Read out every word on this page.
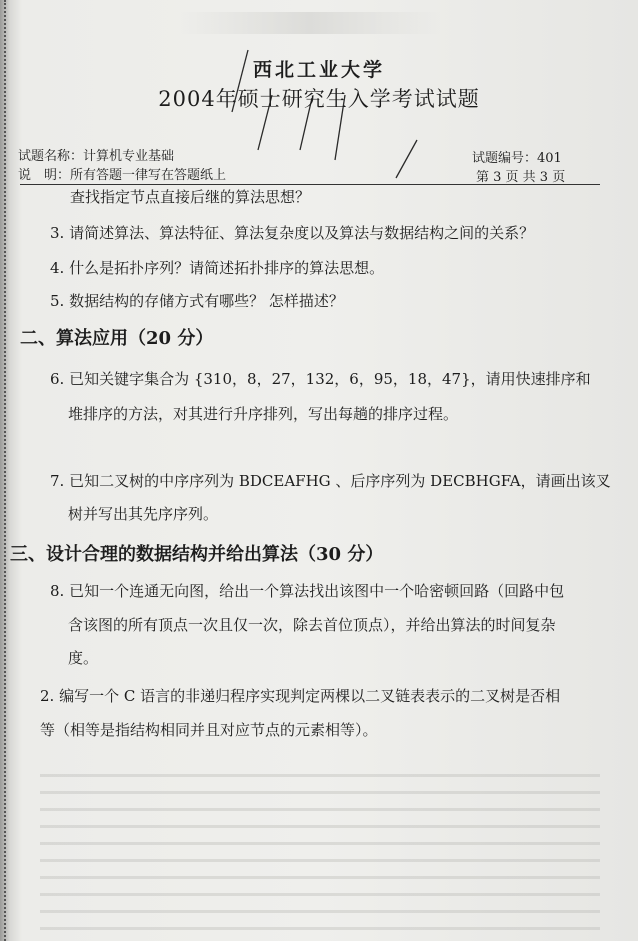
西北工业大学
2004年硕士研究生入学考试试题
试题名称：计算机专业基础
说　明：所有答题一律写在答题纸上
试题编号：401
第 3 页 共 3 页
查找指定节点直接后继的算法思想？
3. 请简述算法、算法特征、算法复杂度以及算法与数据结构之间的关系？
4. 什么是拓扑序列？请简述拓扑排序的算法思想。
5. 数据结构的存储方式有哪些？ 怎样描述？
二、算法应用（20 分）
6. 已知关键字集合为 {310，8，27，132，6，95，18，47}，请用快速排序和
堆排序的方法，对其进行升序排列，写出每趟的排序过程。
7. 已知二叉树的中序序列为 BDCEAFHG 、后序序列为 DECBHGFA，请画出该叉
树并写出其先序序列。
三、设计合理的数据结构并给出算法（30 分）
8. 已知一个连通无向图，给出一个算法找出该图中一个哈密顿回路（回路中包
含该图的所有顶点一次且仅一次，除去首位顶点），并给出算法的时间复杂
度。
2. 编写一个 C 语言的非递归程序实现判定两棵以二叉链表表示的二叉树是否相
等（相等是指结构相同并且对应节点的元素相等）。
